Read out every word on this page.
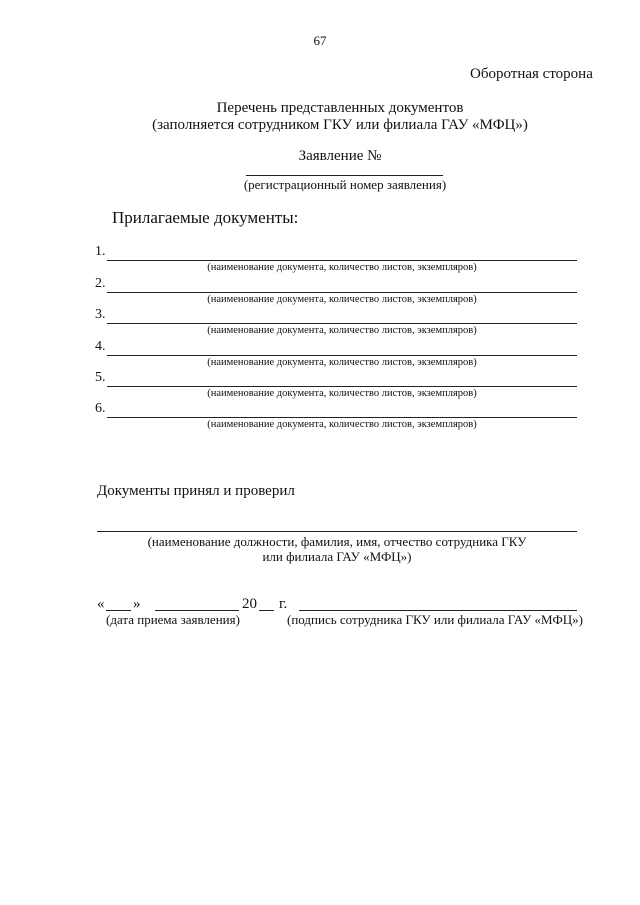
67
Оборотная сторона
Перечень представленных документов
(заполняется сотрудником ГКУ или филиала ГАУ «МФЦ»)
Заявление №
(регистрационный номер заявления)
Прилагаемые документы:
1.
(наименование документа, количество листов, экземпляров)
2.
(наименование документа, количество листов, экземпляров)
3.
(наименование документа, количество листов, экземпляров)
4.
(наименование документа, количество листов, экземпляров)
5.
(наименование документа, количество листов, экземпляров)
6.
(наименование документа, количество листов, экземпляров)
Документы принял и проверил
(наименование должности, фамилия, имя, отчество сотрудника ГКУ
или филиала ГАУ «МФЦ»)
« »	20 г.
(дата приема заявления)	(подпись сотрудника ГКУ или филиала ГАУ «МФЦ»)
